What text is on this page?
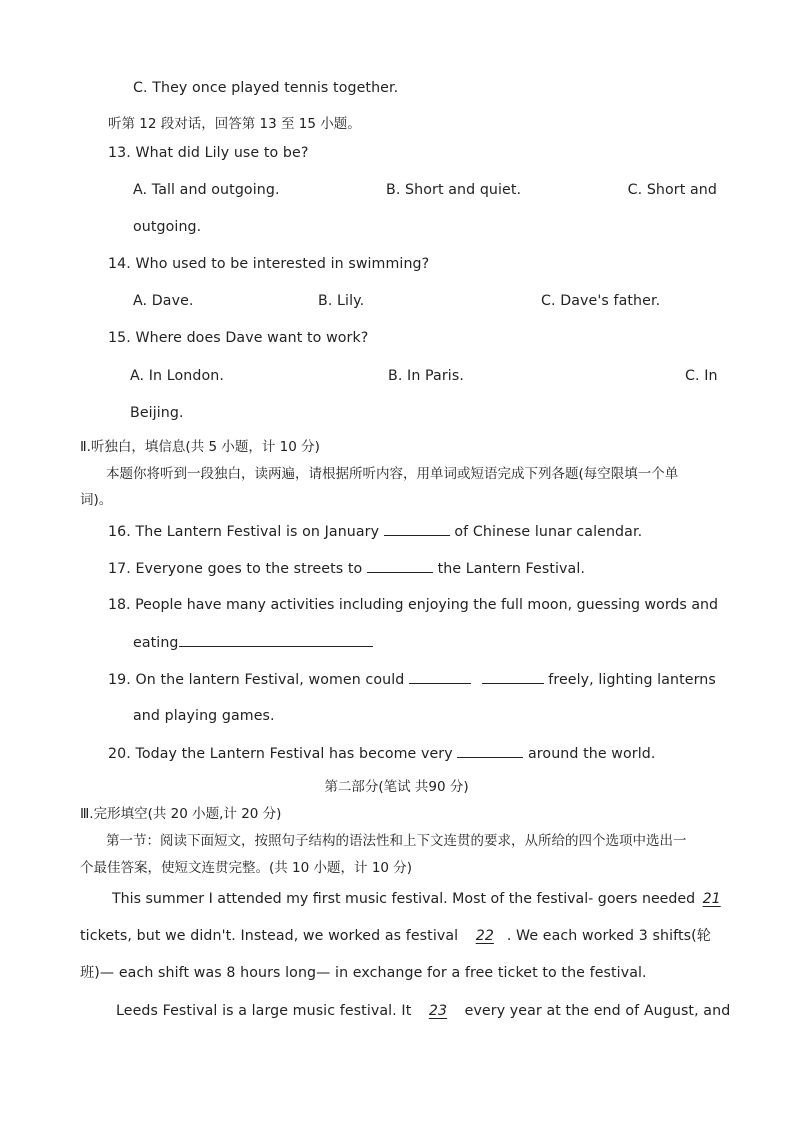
C. They once played tennis together.
听第 12 段对话，回答第 13 至 15 小题。
13. What did Lily use to be?
A. Tall and outgoing.	B. Short and quiet.	C. Short and
outgoing.
14. Who used to be interested in swimming?
A. Dave.	B. Lily.	C. Dave's father.
15. Where does Dave want to work?
A. In London.	B. In Paris.	C. In
Beijing.
Ⅱ.听独白，填信息(共 5 小题，计 10 分)
本题你将听到一段独白，读两遍，请根据所听内容，用单词或短语完成下列各题(每空限填一个单
词)。
16. The Lantern Festival is on January	of Chinese lunar calendar.
17. Everyone goes to the streets to	the Lantern Festival.
18. People have many activities including enjoying the full moon, guessing words and
eating
19. On the lantern Festival, women could	freely, lighting lanterns
and playing games.
20. Today the Lantern Festival has become very	around the world.
第二部分(笔试 共90 分)
Ⅲ.完形填空(共 20 小题,计 20 分)
第一节：阅读下面短文，按照句子结构的语法性和上下文连贯的要求，从所给的四个选项中选出一
个最佳答案，使短文连贯完整。(共 10 小题，计 10 分)
This summer I attended my first music festival. Most of the festival- goers needed 21
tickets, but we didn't. Instead, we worked as festival 22 . We each worked 3 shifts(轮
班)— each shift was 8 hours long— in exchange for a free ticket to the festival.
Leeds Festival is a large music festival. It 23 every year at the end of August, and
